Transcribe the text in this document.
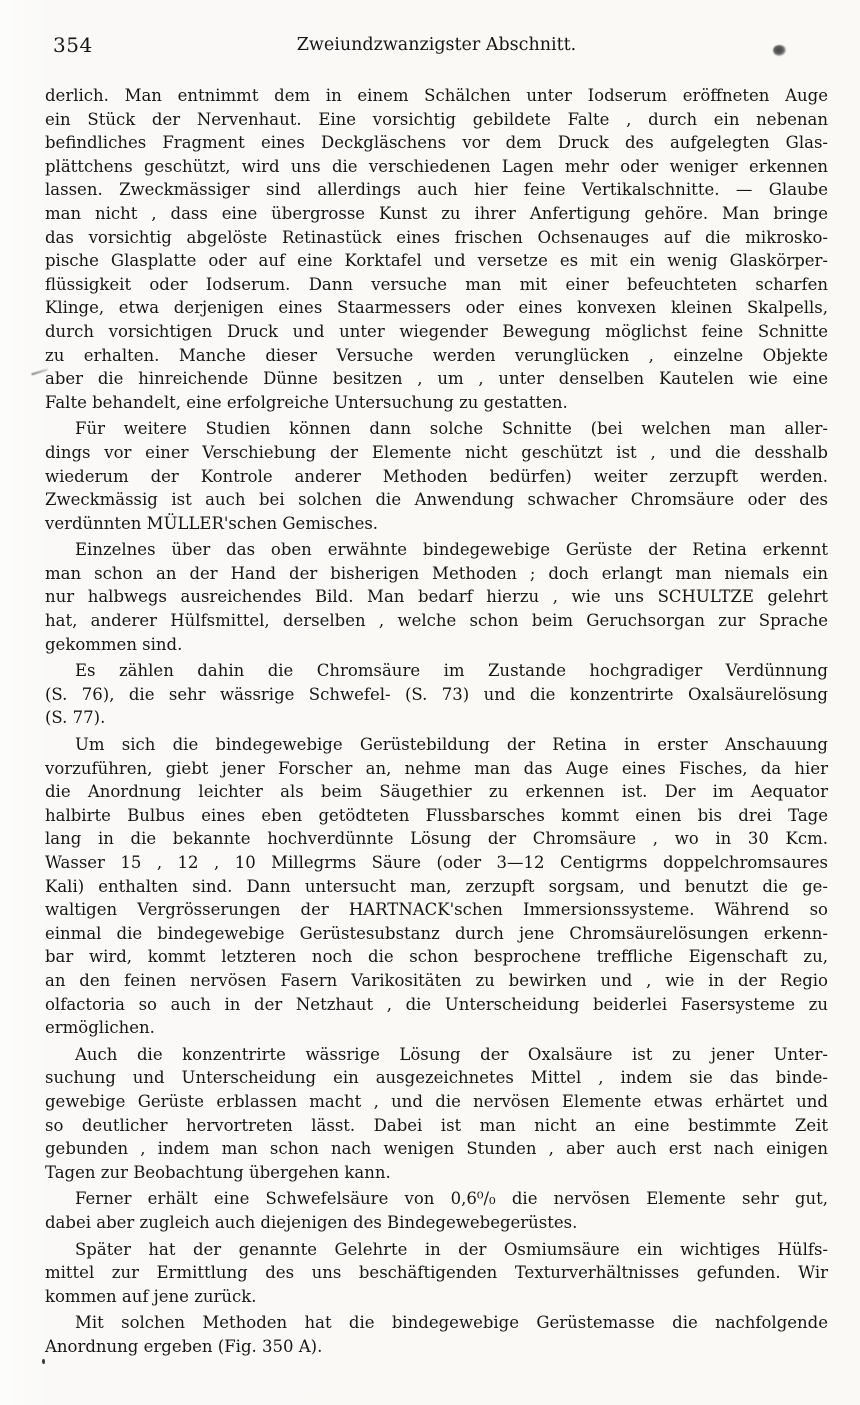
354	Zweiundzwanzigster Abschnitt.

derlich. Man entnimmt dem in einem Schälchen unter Iodserum eröffneten Auge
ein Stück der Nervenhaut. Eine vorsichtig gebildete Falte , durch ein nebenan
befindliches Fragment eines Deckgläschens vor dem Druck des aufgelegten Glas-
plättchens geschützt, wird uns die verschiedenen Lagen mehr oder weniger erkennen
lassen. Zweckmässiger sind allerdings auch hier feine Vertikalschnitte. — Glaube
man nicht , dass eine übergrosse Kunst zu ihrer Anfertigung gehöre. Man bringe
das vorsichtig abgelöste Retinastück eines frischen Ochsenauges auf die mikrosko-
pische Glasplatte oder auf eine Korktafel und versetze es mit ein wenig Glaskörper-
flüssigkeit oder Iodserum. Dann versuche man mit einer befeuchteten scharfen
Klinge, etwa derjenigen eines Staarmessers oder eines konvexen kleinen Skalpells,
durch vorsichtigen Druck und unter wiegender Bewegung möglichst feine Schnitte
zu erhalten. Manche dieser Versuche werden verunglücken , einzelne Objekte
aber die hinreichende Dünne besitzen , um , unter denselben Kautelen wie eine
Falte behandelt, eine erfolgreiche Untersuchung zu gestatten.

Für weitere Studien können dann solche Schnitte (bei welchen man aller-
dings vor einer Verschiebung der Elemente nicht geschützt ist , und die desshalb
wiederum der Kontrole anderer Methoden bedürfen) weiter zerzupft werden.
Zweckmässig ist auch bei solchen die Anwendung schwacher Chromsäure oder des
verdünnten MÜLLER'schen Gemisches.

Einzelnes über das oben erwähnte bindegewebige Gerüste der Retina erkennt
man schon an der Hand der bisherigen Methoden ; doch erlangt man niemals ein
nur halbwegs ausreichendes Bild. Man bedarf hierzu , wie uns SCHULTZE gelehrt
hat, anderer Hülfsmittel, derselben , welche schon beim Geruchsorgan zur Sprache
gekommen sind.

Es zählen dahin die Chromsäure im Zustande hochgradiger Verdünnung
(S. 76), die sehr wässrige Schwefel- (S. 73) und die konzentrirte Oxalsäurelösung
(S. 77).

Um sich die bindegewebige Gerüstebildung der Retina in erster Anschauung
vorzuführen, giebt jener Forscher an, nehme man das Auge eines Fisches, da hier
die Anordnung leichter als beim Säugethier zu erkennen ist. Der im Aequator
halbirte Bulbus eines eben getödteten Flussbarsches kommt einen bis drei Tage
lang in die bekannte hochverdünnte Lösung der Chromsäure , wo in 30 Kcm.
Wasser 15 , 12 , 10 Millegrms Säure (oder 3—12 Centigrms doppelchromsaures
Kali) enthalten sind. Dann untersucht man, zerzupft sorgsam, und benutzt die ge-
waltigen Vergrösserungen der HARTNACK'schen Immersionssysteme. Während so
einmal die bindegewebige Gerüstesubstanz durch jene Chromsäurelösungen erkenn-
bar wird, kommt letzteren noch die schon besprochene treffliche Eigenschaft zu,
an den feinen nervösen Fasern Varikositäten zu bewirken und , wie in der Regio
olfactoria so auch in der Netzhaut , die Unterscheidung beiderlei Fasersysteme zu
ermöglichen.

Auch die konzentrirte wässrige Lösung der Oxalsäure ist zu jener Unter-
suchung und Unterscheidung ein ausgezeichnetes Mittel , indem sie das binde-
gewebige Gerüste erblassen macht , und die nervösen Elemente etwas erhärtet und
so deutlicher hervortreten lässt. Dabei ist man nicht an eine bestimmte Zeit
gebunden , indem man schon nach wenigen Stunden , aber auch erst nach einigen
Tagen zur Beobachtung übergehen kann.

Ferner erhält eine Schwefelsäure von 0,6⁰/₀ die nervösen Elemente sehr gut,
dabei aber zugleich auch diejenigen des Bindegewebegerüstes.

Später hat der genannte Gelehrte in der Osmiumsäure ein wichtiges Hülfs-
mittel zur Ermittlung des uns beschäftigenden Texturverhältnisses gefunden. Wir
kommen auf jene zurück.

Mit solchen Methoden hat die bindegewebige Gerüstemasse die nachfolgende
Anordnung ergeben (Fig. 350 A).
